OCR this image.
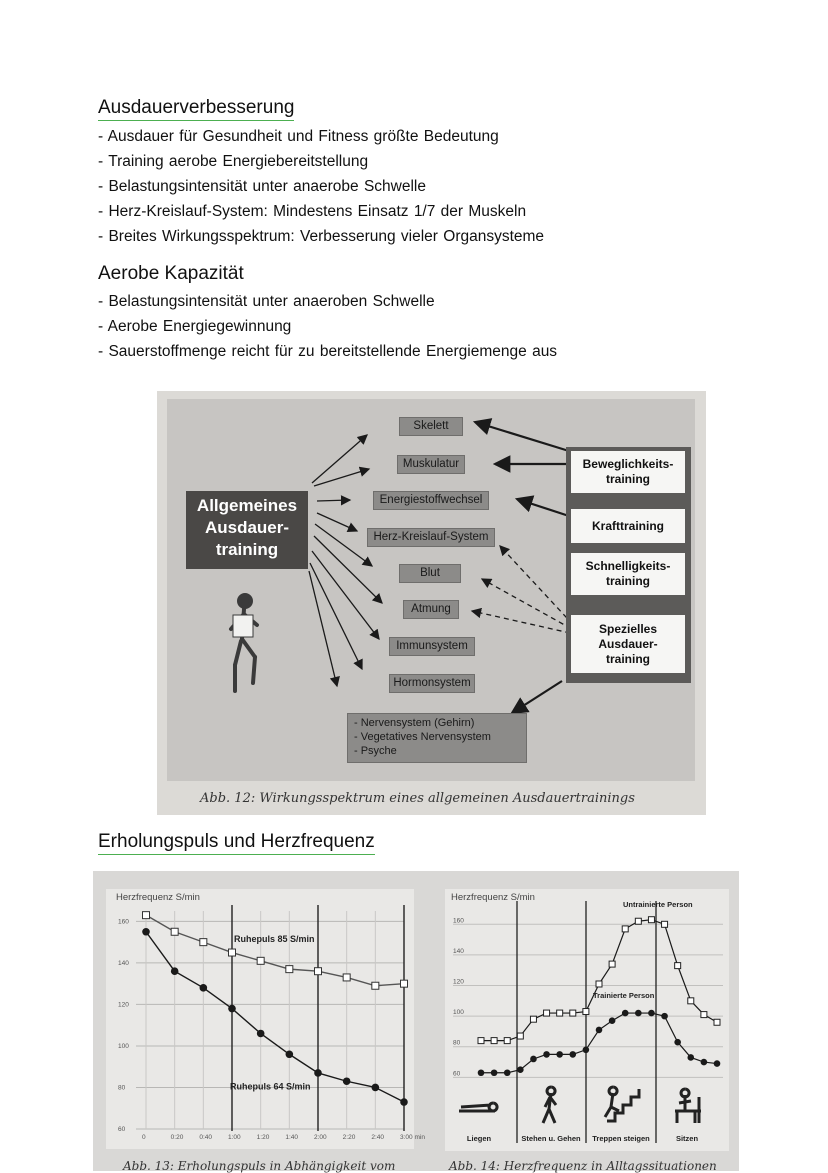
Ausdauerverbesserung
- Ausdauer für Gesundheit und Fitness größte Bedeutung
- Training aerobe Energiebereitstellung
- Belastungsintensität unter anaerobe Schwelle
- Herz-Kreislauf-System: Mindestens Einsatz 1/7 der Muskeln
- Breites Wirkungsspektrum: Verbesserung vieler Organsysteme
Aerobe Kapazität
- Belastungsintensität unter anaeroben Schwelle
- Aerobe Energiegewinnung
- Sauerstoffmenge reicht für zu bereitstellende Energiemenge aus
Skelett
Muskulatur
Energiestoffwechsel
Herz-Kreislauf-System
Blut
Atmung
Immunsystem
Hormonsystem
- Nervensystem (Gehirn)
- Vegetatives Nervensystem
- Psyche
Allgemeines
Ausdauer-
training
Beweglichkeits-
training
Krafttraining
Schnelligkeits-
training
Spezielles
Ausdauer-
training
Abb. 12: Wirkungsspektrum eines allgemeinen Ausdauertrainings
Erholungspuls und Herzfrequenz
Herzfrequenz S/min
160
140
120
100
80
60
0	0:20 0:40 1:00 1:20 1:40 2:00 2:20 2:40 3:00 min
Ruhepuls 85 S/min
Ruhepuls 64 S/min
Abb. 13: Erholungspuls in Abhängigkeit vom
Herzfrequenz S/min
160
140
120
100
80
60
Untrainierte Person
Trainierte Person
Liegen	Stehen u. Gehen Treppen steigen	Sitzen
Abb. 14: Herzfrequenz in Alltagssituationen
